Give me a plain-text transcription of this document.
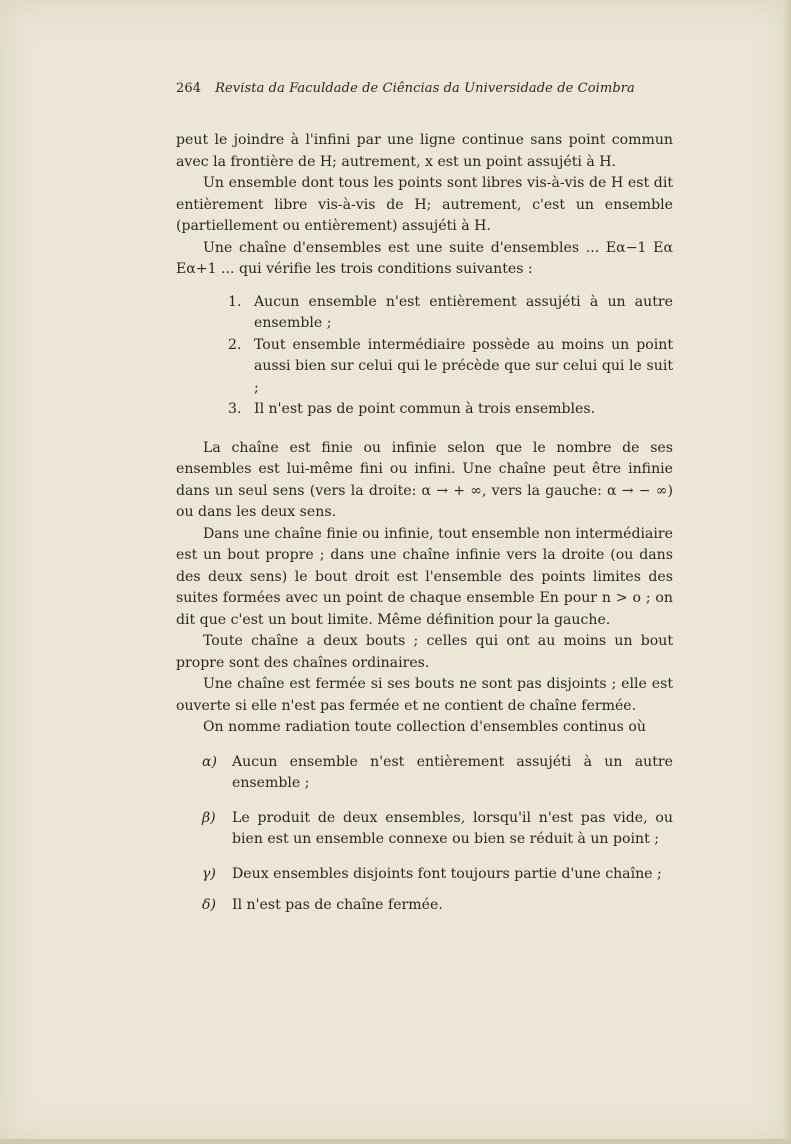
264 Revista da Faculdade de Ciências da Universidade de Coimbra

peut le joindre à l'infini par une ligne continue sans point commun avec la frontière de H; autrement, x est un point assujéti à H.

Un ensemble dont tous les points sont libres vis-à-vis de H est dit entièrement libre vis-à-vis de H; autrement, c'est un ensemble (partiellement ou entièrement) assujéti à H.

Une chaîne d'ensembles est une suite d'ensembles ... Eα−1 Eα Eα+1 ... qui vérifie les trois conditions suivantes :

1. Aucun ensemble n'est entièrement assujéti à un autre ensemble ;
2. Tout ensemble intermédiaire possède au moins un point aussi bien sur celui qui le précède que sur celui qui le suit ;
3. Il n'est pas de point commun à trois ensembles.

La chaîne est finie ou infinie selon que le nombre de ses ensembles est lui-même fini ou infini. Une chaîne peut être infinie dans un seul sens (vers la droite: α → + ∞, vers la gauche: α → − ∞) ou dans les deux sens.

Dans une chaîne finie ou infinie, tout ensemble non intermédiaire est un bout propre ; dans une chaîne infinie vers la droite (ou dans des deux sens) le bout droit est l'ensemble des points limites des suites formées avec un point de chaque ensemble En pour n > o ; on dit que c'est un bout limite. Même définition pour la gauche.

Toute chaîne a deux bouts ; celles qui ont au moins un bout propre sont des chaînes ordinaires.

Une chaîne est fermée si ses bouts ne sont pas disjoints ; elle est ouverte si elle n'est pas fermée et ne contient de chaîne fermée.

On nomme radiation toute collection d'ensembles continus où

α)	Aucun ensemble n'est entièrement assujéti à un autre ensemble ;
β)	Le produit de deux ensembles, lorsqu'il n'est pas vide, ou bien est un ensemble connexe ou bien se réduit à un point ;
γ)	Deux ensembles disjoints font toujours partie d'une chaîne ;
δ)	Il n'est pas de chaîne fermée.
